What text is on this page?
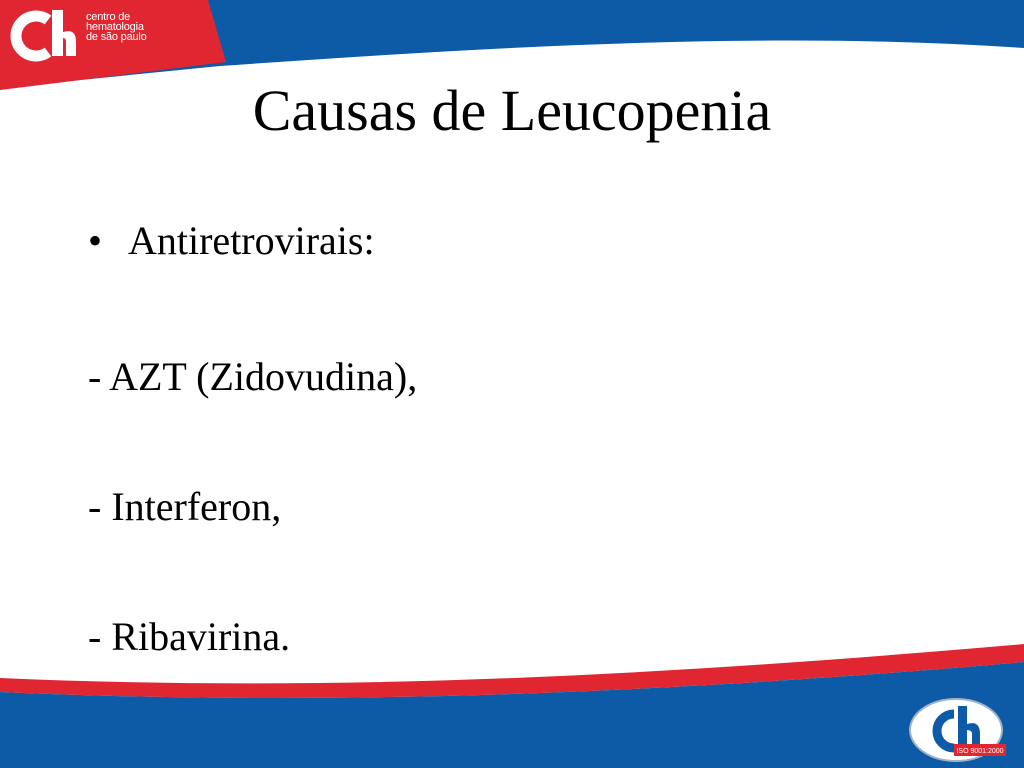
centro de
hematologia
de são paulo
Causas de Leucopenia
• Antiretrovirais:
- AZT (Zidovudina),
- Interferon,
- Ribavirina.
ISO 9001:2000
